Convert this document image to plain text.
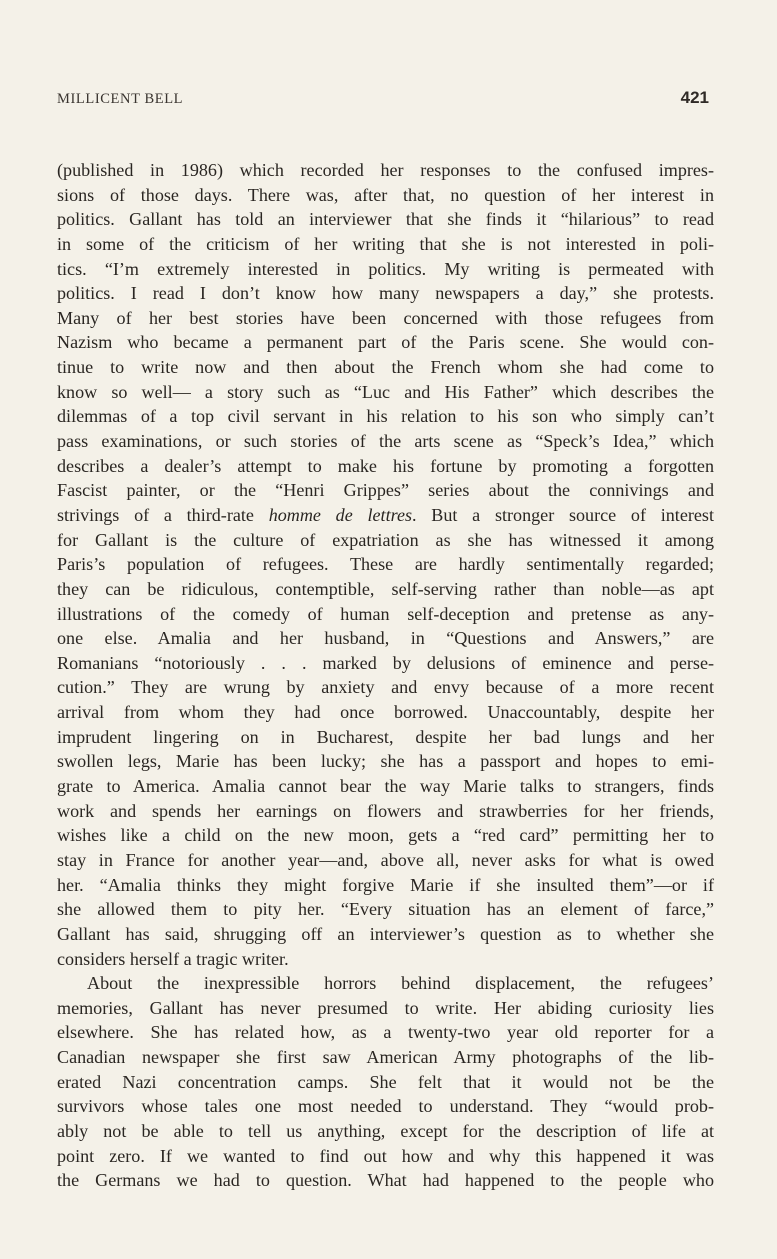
MILLICENT BELL	421
(published in 1986) which recorded her responses to the confused impres-
sions of those days. There was, after that, no question of her interest in
politics. Gallant has told an interviewer that she finds it “hilarious” to read
in some of the criticism of her writing that she is not interested in poli-
tics. “I’m extremely interested in politics. My writing is permeated with
politics. I read I don’t know how many newspapers a day,” she protests.
Many of her best stories have been concerned with those refugees from
Nazism who became a permanent part of the Paris scene. She would con-
tinue to write now and then about the French whom she had come to
know so well— a story such as “Luc and His Father” which describes the
dilemmas of a top civil servant in his relation to his son who simply can’t
pass examinations, or such stories of the arts scene as “Speck’s Idea,” which
describes a dealer’s attempt to make his fortune by promoting a forgotten
Fascist painter, or the “Henri Grippes” series about the connivings and
strivings of a third-rate homme de lettres. But a stronger source of interest
for Gallant is the culture of expatriation as she has witnessed it among
Paris’s population of refugees. These are hardly sentimentally regarded;
they can be ridiculous, contemptible, self-serving rather than noble—as apt
illustrations of the comedy of human self-deception and pretense as any-
one else. Amalia and her husband, in “Questions and Answers,” are
Romanians “notoriously . . . marked by delusions of eminence and perse-
cution.” They are wrung by anxiety and envy because of a more recent
arrival from whom they had once borrowed. Unaccountably, despite her
imprudent lingering on in Bucharest, despite her bad lungs and her
swollen legs, Marie has been lucky; she has a passport and hopes to emi-
grate to America. Amalia cannot bear the way Marie talks to strangers, finds
work and spends her earnings on flowers and strawberries for her friends,
wishes like a child on the new moon, gets a “red card” permitting her to
stay in France for another year—and, above all, never asks for what is owed
her. “Amalia thinks they might forgive Marie if she insulted them”—or if
she allowed them to pity her. “Every situation has an element of farce,”
Gallant has said, shrugging off an interviewer’s question as to whether she
considers herself a tragic writer.
About the inexpressible horrors behind displacement, the refugees’
memories, Gallant has never presumed to write. Her abiding curiosity lies
elsewhere. She has related how, as a twenty-two year old reporter for a
Canadian newspaper she first saw American Army photographs of the lib-
erated Nazi concentration camps. She felt that it would not be the
survivors whose tales one most needed to understand. They “would prob-
ably not be able to tell us anything, except for the description of life at
point zero. If we wanted to find out how and why this happened it was
the Germans we had to question. What had happened to the people who
